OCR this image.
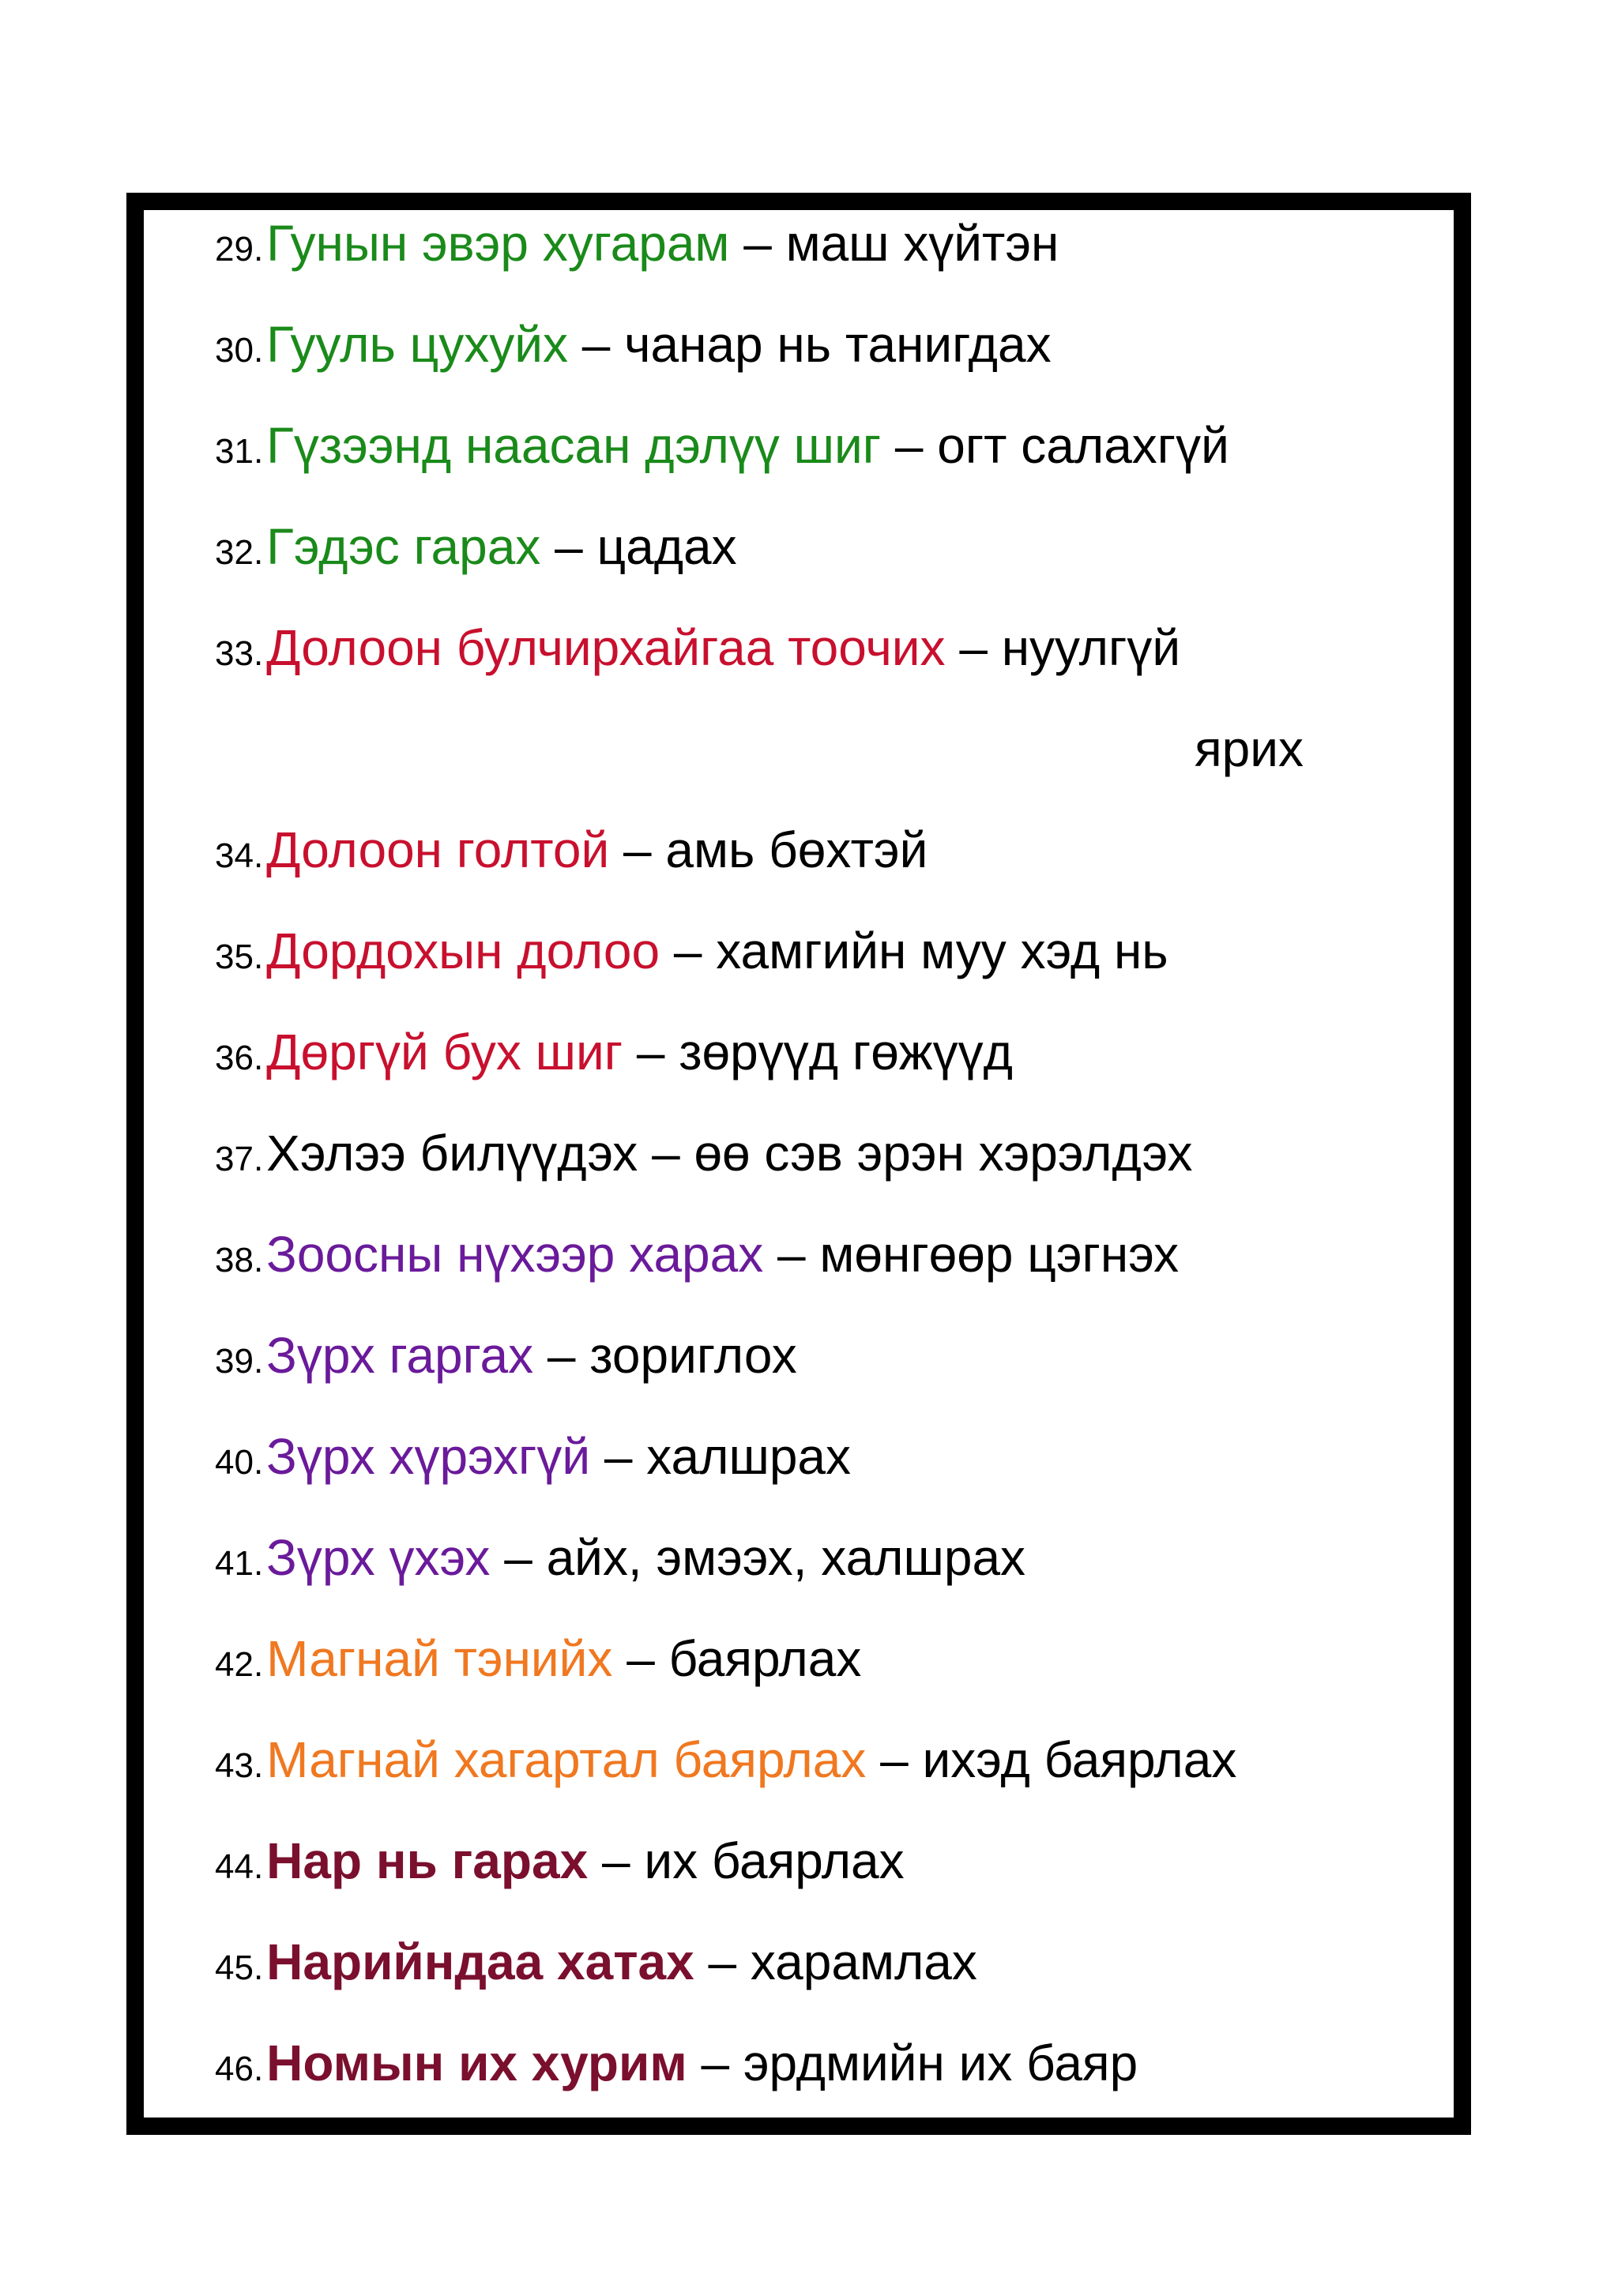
29.Гунын эвэр хугарам – маш хүйтэн
30.Гууль цухуйх – чанар нь танигдах
31.Гүзээнд наасан дэлүү шиг – огт салахгүй
32.Гэдэс гарах – цадах
33.Долоон булчирхайгаа тоочих – нуулгүй
ярих
34.Долоон голтой – амь бөхтэй
35.Дордохын долоо – хамгийн муу хэд нь
36.Дөргүй бух шиг – зөрүүд гөжүүд
37.Хэлээ билүүдэх – өө сэв эрэн хэрэлдэх
38.Зоосны нүхээр харах – мөнгөөр цэгнэх
39.Зүрх гаргах – зориглох
40.Зүрх хүрэхгүй – халшрах
41.Зүрх үхэх – айх, эмээх, халшрах
42.Магнай тэнийх – баярлах
43.Магнай хагартал баярлах – ихэд баярлах
44.Нар нь гарах – их баярлах
45.Нарийндаа хатах – харамлах
46.Номын их хурим – эрдмийн их баяр
